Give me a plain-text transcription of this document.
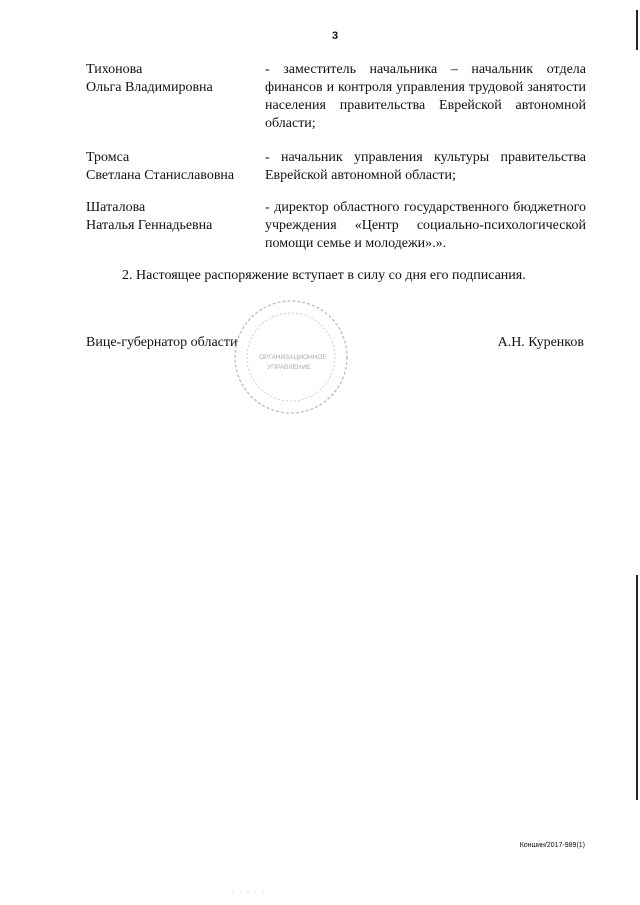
3
Тихонова
Ольга Владимировна
- заместитель начальника – начальник отдела финансов и контроля управления трудовой занятости населения правительства Еврейской автономной области;
Тромса
Светлана Станиславовна
- начальник управления культуры правительства Еврейской автономной области;
Шаталова
Наталья Геннадьевна
- директор областного государственного бюджетного учреждения «Центр социально-психологической помощи семье и молодежи».».
2. Настоящее распоряжение вступает в силу со дня его подписания.
Вице-губернатор области	А.Н. Куренков
ОРГАНИЗАЦИОННОЕ
УПРАВЛЕНИЕ
Коншин/2017-989(1)
· · · · ·
